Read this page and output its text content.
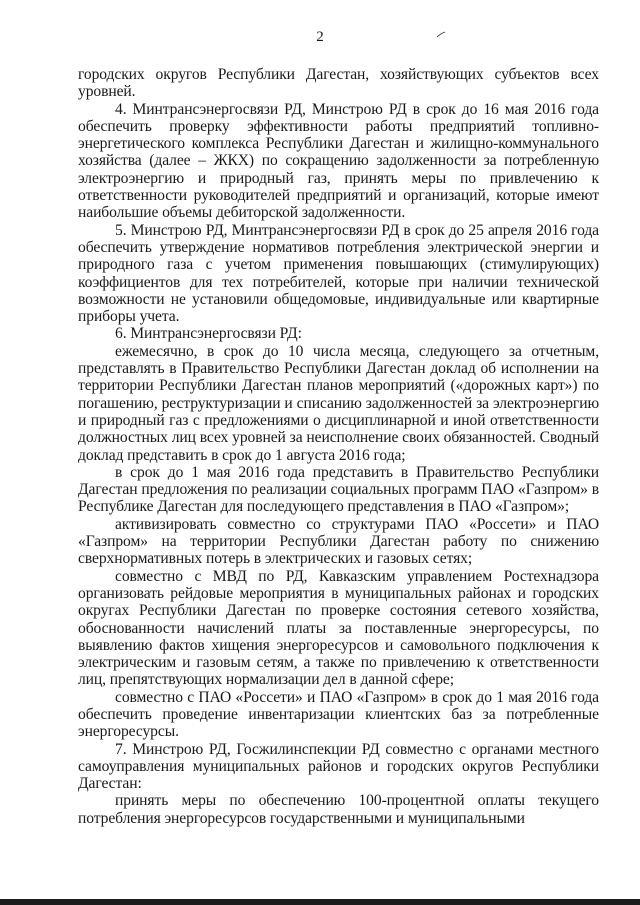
2

городских округов Республики Дагестан, хозяйствующих субъектов всех уровней.

4. Минтрансэнергосвязи РД, Минстрою РД в срок до 16 мая 2016 года обеспечить проверку эффективности работы предприятий топливно-энергетического комплекса Республики Дагестан и жилищно-коммунального хозяйства (далее – ЖКХ) по сокращению задолженности за потребленную электроэнергию и природный газ, принять меры по привлечению к ответственности руководителей предприятий и организаций, которые имеют наибольшие объемы дебиторской задолженности.

5. Минстрою РД, Минтрансэнергосвязи РД в срок до 25 апреля 2016 года обеспечить утверждение нормативов потребления электрической энергии и природного газа с учетом применения повышающих (стимулирующих) коэффициентов для тех потребителей, которые при наличии технической возможности не установили общедомовые, индивидуальные или квартирные приборы учета.

6. Минтрансэнергосвязи РД:

ежемесячно, в срок до 10 числа месяца, следующего за отчетным, представлять в Правительство Республики Дагестан доклад об исполнении на территории Республики Дагестан планов мероприятий («дорожных карт») по погашению, реструктуризации и списанию задолженностей за электроэнергию и природный газ с предложениями о дисциплинарной и иной ответственности должностных лиц всех уровней за неисполнение своих обязанностей. Сводный доклад представить в срок до 1 августа 2016 года;

в срок до 1 мая 2016 года представить в Правительство Республики Дагестан предложения по реализации социальных программ ПАО «Газпром» в Республике Дагестан для последующего представления в ПАО «Газпром»;

активизировать совместно со структурами ПАО «Россети» и ПАО «Газпром» на территории Республики Дагестан работу по снижению сверхнормативных потерь в электрических и газовых сетях;

совместно с МВД по РД, Кавказским управлением Ростехнадзора организовать рейдовые мероприятия в муниципальных районах и городских округах Республики Дагестан по проверке состояния сетевого хозяйства, обоснованности начислений платы за поставленные энергоресурсы, по выявлению фактов хищения энергоресурсов и самовольного подключения к электрическим и газовым сетям, а также по привлечению к ответственности лиц, препятствующих нормализации дел в данной сфере;

совместно с ПАО «Россети» и ПАО «Газпром» в срок до 1 мая 2016 года обеспечить проведение инвентаризации клиентских баз за потребленные энергоресурсы.

7. Минстрою РД, Госжилинспекции РД совместно с органами местного самоуправления муниципальных районов и городских округов Республики Дагестан:

принять меры по обеспечению 100-процентной оплаты текущего потребления энергоресурсов государственными и муниципальными
